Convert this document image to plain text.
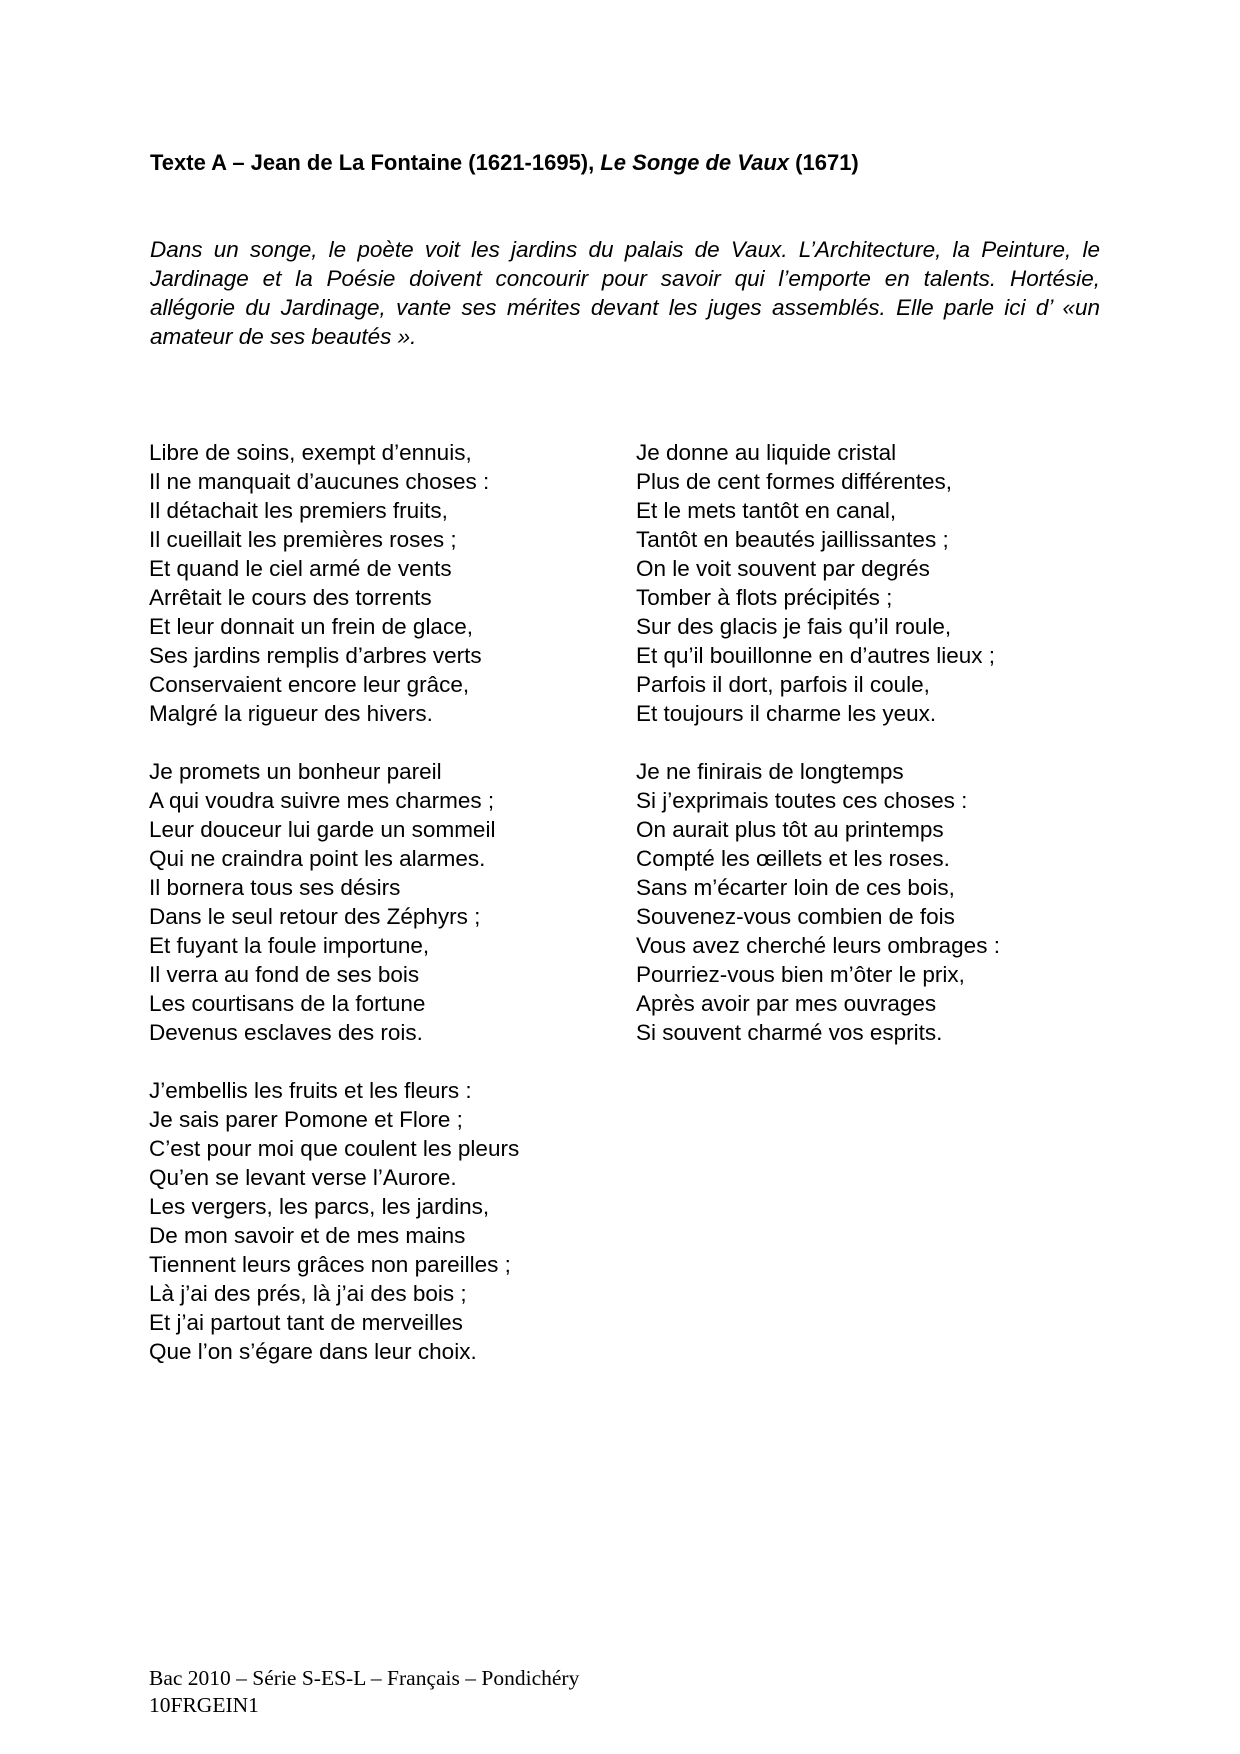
Texte A – Jean de La Fontaine (1621-1695), Le Songe de Vaux (1671)
Dans un songe, le poète voit les jardins du palais de Vaux. L’Architecture, la Peinture, le Jardinage et la Poésie doivent concourir pour savoir qui l’emporte en talents. Hortésie, allégorie du Jardinage, vante ses mérites devant les juges assemblés. Elle parle ici d’ «un amateur de ses beautés ».
Libre de soins, exempt d’ennuis,
Il ne manquait d’aucunes choses :
Il détachait les premiers fruits,
Il cueillait les premières roses ;
Et quand le ciel armé de vents
Arrêtait le cours des torrents
Et leur donnait un frein de glace,
Ses jardins remplis d’arbres verts
Conservaient encore leur grâce,
Malgré la rigueur des hivers.
Je promets un bonheur pareil
A qui voudra suivre mes charmes ;
Leur douceur lui garde un sommeil
Qui ne craindra point les alarmes.
Il bornera tous ses désirs
Dans le seul retour des Zéphyrs ;
Et fuyant la foule importune,
Il verra au fond de ses bois
Les courtisans de la fortune
Devenus esclaves des rois.
J’embellis les fruits et les fleurs :
Je sais parer Pomone et Flore ;
C’est pour moi que coulent les pleurs
Qu’en se levant verse l’Aurore.
Les vergers, les parcs, les jardins,
De mon savoir et de mes mains
Tiennent leurs grâces non pareilles ;
Là j’ai des prés, là j’ai des bois ;
Et j’ai partout tant de merveilles
Que l’on s’égare dans leur choix.
Je donne au liquide cristal
Plus de cent formes différentes,
Et le mets tantôt en canal,
Tantôt en beautés jaillissantes ;
On le voit souvent par degrés
Tomber à flots précipités ;
Sur des glacis je fais qu’il roule,
Et qu’il bouillonne en d’autres lieux ;
Parfois il dort, parfois il coule,
Et toujours il charme les yeux.
Je ne finirais de longtemps
Si j’exprimais toutes ces choses :
On aurait plus tôt au printemps
Compté les œillets et les roses.
Sans m’écarter loin de ces bois,
Souvenez-vous combien de fois
Vous avez cherché leurs ombrages :
Pourriez-vous bien m’ôter le prix,
Après avoir par mes ouvrages
Si souvent charmé vos esprits.
Bac 2010 – Série S-ES-L – Français – Pondichéry
10FRGEIN1
